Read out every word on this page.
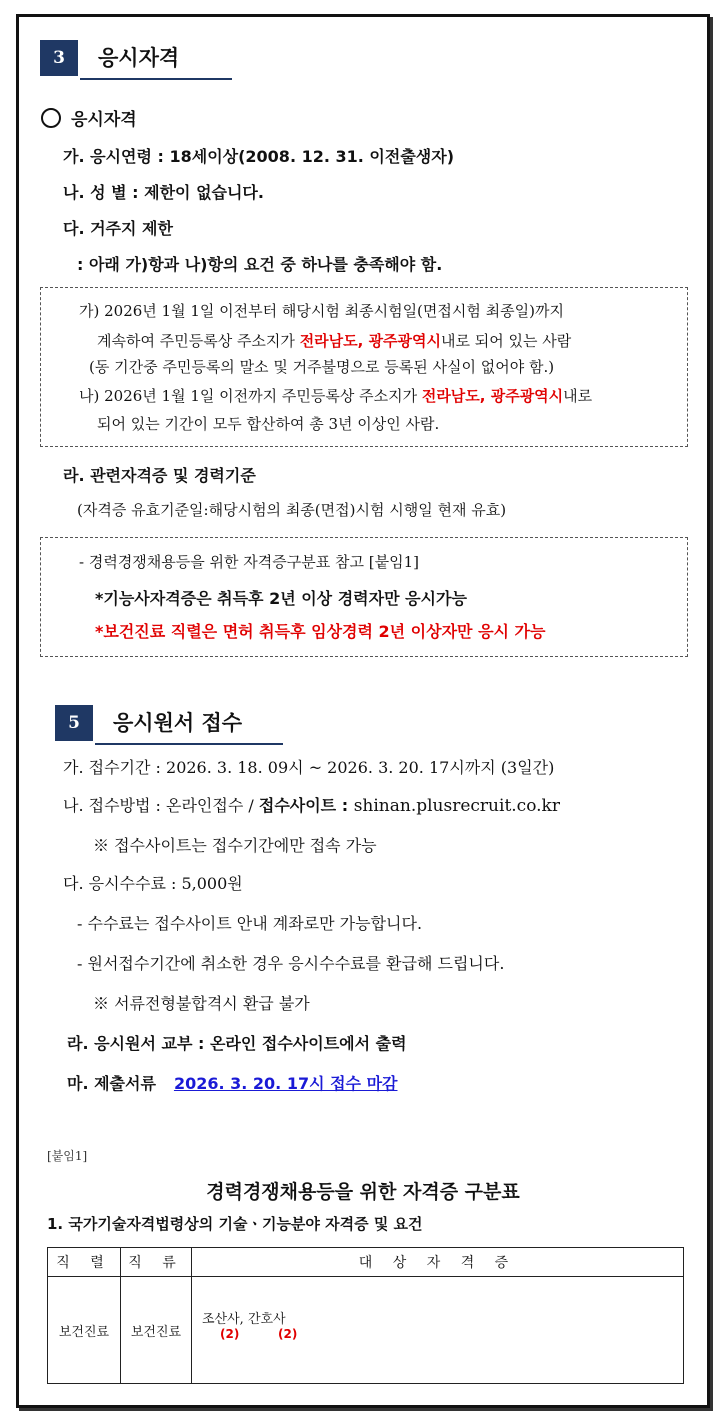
3	응시자격
응시자격
가. 응시연령 : 18세이상(2008. 12. 31. 이전출생자)
나. 성 별 : 제한이 없습니다.
다. 거주지 제한
: 아래 가)항과 나)항의 요건 중 하나를 충족해야 함.
가) 2026년 1월 1일 이전부터 해당시험 최종시험일(면접시험 최종일)까지
계속하여 주민등록상 주소지가 전라남도, 광주광역시내로 되어 있는 사람
(동 기간중 주민등록의 말소 및 거주불명으로 등록된 사실이 없어야 함.)
나) 2026년 1월 1일 이전까지 주민등록상 주소지가 전라남도, 광주광역시내로
되어 있는 기간이 모두 합산하여 총 3년 이상인 사람.
라. 관련자격증 및 경력기준
(자격증 유효기준일:해당시험의 최종(면접)시험 시행일 현재 유효)
- 경력경쟁채용등을 위한 자격증구분표 참고 [붙임1]
*기능사자격증은 취득후 2년 이상 경력자만 응시가능
*보건진료 직렬은 면허 취득후 임상경력 2년 이상자만 응시 가능
5	응시원서 접수
가. 접수기간 : 2026. 3. 18. 09시 ~ 2026. 3. 20. 17시까지 (3일간)
나. 접수방법 : 온라인접수 / 접수사이트 : shinan.plusrecruit.co.kr
※ 접수사이트는 접수기간에만 접속 가능
다. 응시수수료 : 5,000원
- 수수료는 접수사이트 안내 계좌로만 가능합니다.
- 원서접수기간에 취소한 경우 응시수수료를 환급해 드립니다.
※ 서류전형불합격시 환급 불가
라. 응시원서 교부 : 온라인 접수사이트에서 출력
마. 제출서류 2026. 3. 20. 17시 접수 마감
[붙임1]
경력경쟁채용등을 위한 자격증 구분표
1. 국가기술자격법령상의 기술ㆍ기능분야 자격증 및 요건
직 렬	직 류	대 상 자 격 증
보건진료	보건진료	조산사, 간호사
(2) (2)
